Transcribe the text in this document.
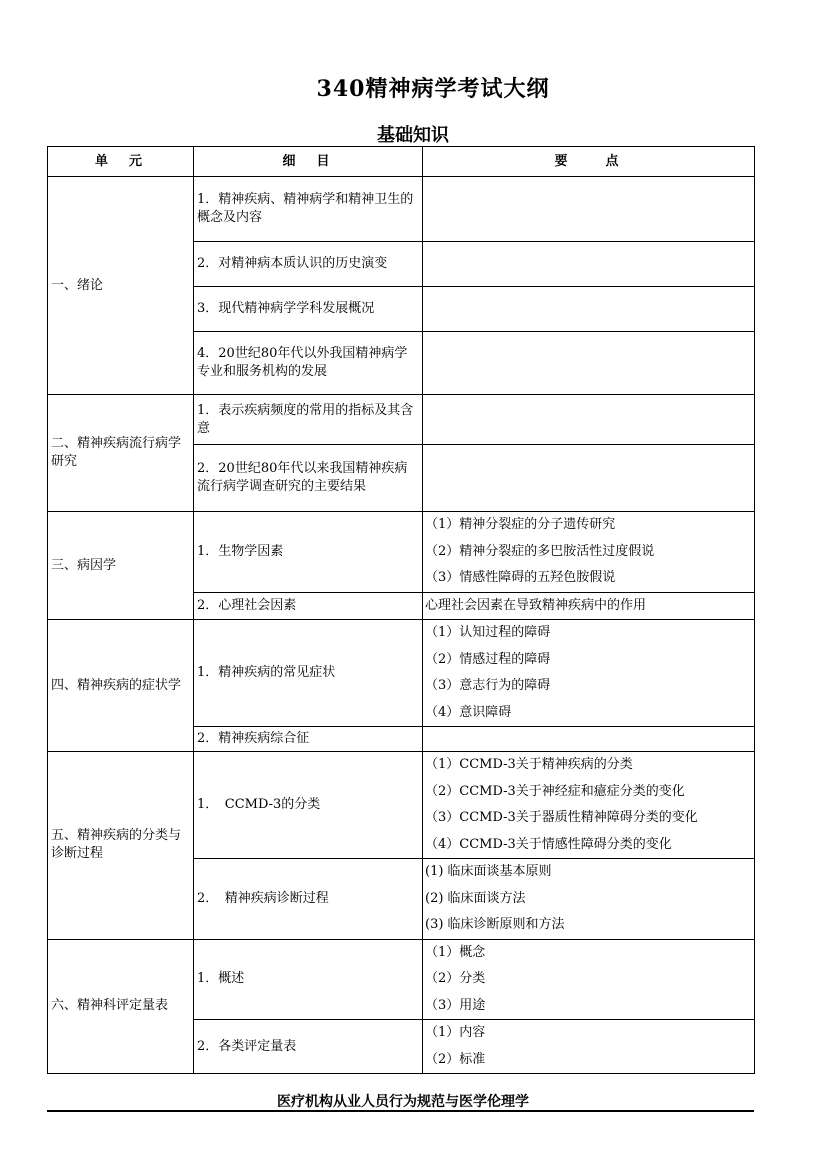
340精神病学考试大纲
基础知识
单　元	细　目	要　　点
一、绪论	1．精神疾病、精神病学和精神卫生的概念及内容	
	2．对精神病本质认识的历史演变	
	3．现代精神病学学科发展概况	
	4．20世纪80年代以外我国精神病学专业和服务机构的发展	
二、精神疾病流行病学研究	1．表示疾病频度的常用的指标及其含意	
	2．20世纪80年代以来我国精神疾病流行病学调查研究的主要结果	
三、病因学	1．生物学因素	（1）精神分裂症的分子遗传研究
（2）精神分裂症的多巴胺活性过度假说
（3）情感性障碍的五羟色胺假说

	2．心理社会因素	心理社会因素在导致精神疾病中的作用

四、精神疾病的症状学	1．精神疾病的常见症状	（1）认知过程的障碍
（2）情感过程的障碍
（3）意志行为的障碍
（4）意识障碍

	2．精神疾病综合征	
五、精神疾病的分类与诊断过程	1．　CCMD-3的分类	（1）CCMD-3关于精神疾病的分类
（2）CCMD-3关于神经症和癔症分类的变化
（3）CCMD-3关于器质性精神障碍分类的变化
（4）CCMD-3关于情感性障碍分类的变化

	2．　精神疾病诊断过程	(1) 临床面谈基本原则
(2) 临床面谈方法
(3) 临床诊断原则和方法

六、精神科评定量表	1．概述	（1）概念
（2）分类
（3）用途

	2．各类评定量表	（1）内容
（2）标准
医疗机构从业人员行为规范与医学伦理学
